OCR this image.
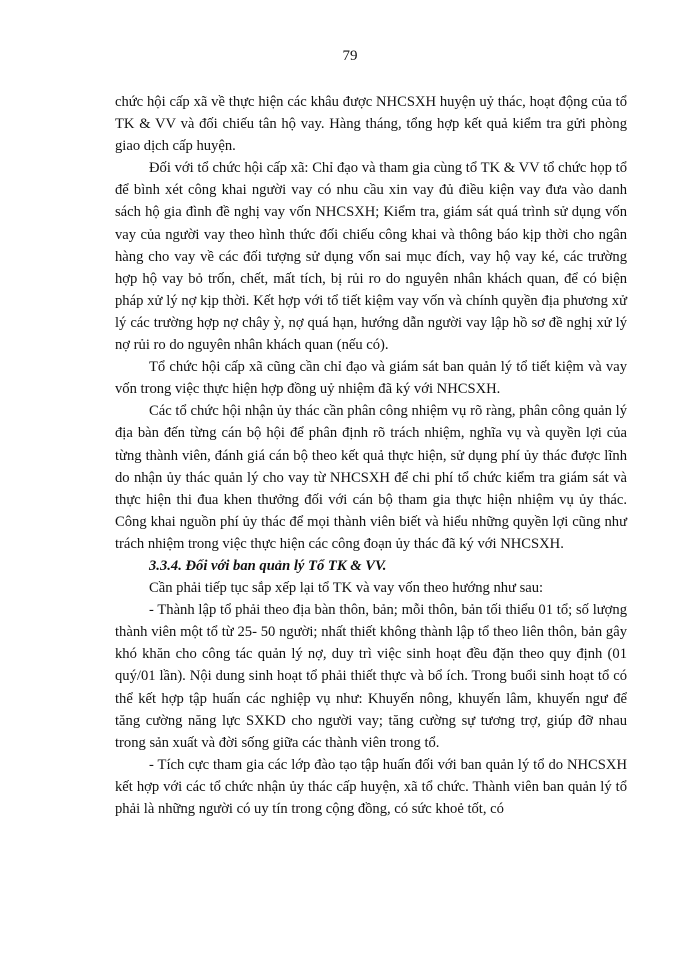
79

chức hội cấp xã về thực hiện các khâu được NHCSXH huyện uỷ thác, hoạt động của tổ TK & VV và đối chiếu tân hộ vay. Hàng tháng, tổng hợp kết quả kiểm tra gửi phòng giao dịch cấp huyện.

Đối với tổ chức hội cấp xã: Chỉ đạo và tham gia cùng tổ TK & VV tổ chức họp tổ để bình xét công khai người vay có nhu cầu xin vay đủ điều kiện vay đưa vào danh sách hộ gia đình đề nghị vay vốn NHCSXH; Kiểm tra, giám sát quá trình sử dụng vốn vay của người vay theo hình thức đối chiếu công khai và thông báo kịp thời cho ngân hàng cho vay về các đối tượng sử dụng vốn sai mục đích, vay hộ vay ké, các trường hợp hộ vay bỏ trốn, chết, mất tích, bị rủi ro do nguyên nhân khách quan, để có biện pháp xử lý nợ kịp thời. Kết hợp với tổ tiết kiệm vay vốn và chính quyền địa phương xử lý các trường hợp nợ chây ỳ, nợ quá hạn, hướng dẫn người vay lập hồ sơ đề nghị xử lý nợ rủi ro do nguyên nhân khách quan (nếu có).

Tổ chức hội cấp xã cũng cần chỉ đạo và giám sát ban quản lý tổ tiết kiệm và vay vốn trong việc thực hiện hợp đồng uỷ nhiệm đã ký với NHCSXH.

Các tổ chức hội nhận ủy thác cần phân công nhiệm vụ rõ ràng, phân công quản lý địa bàn đến từng cán bộ hội để phân định rõ trách nhiệm, nghĩa vụ và quyền lợi của từng thành viên, đánh giá cán bộ theo kết quả thực hiện, sử dụng phí ủy thác được lĩnh do nhận ủy thác quản lý cho vay từ NHCSXH để chi phí tổ chức kiểm tra giám sát và thực hiện thi đua khen thưởng đối với cán bộ tham gia thực hiện nhiệm vụ ủy thác. Công khai nguồn phí ủy thác để mọi thành viên biết và hiểu những quyền lợi cũng như trách nhiệm trong việc thực hiện các công đoạn ủy thác đã ký với NHCSXH.

3.3.4. Đối với ban quản lý Tổ TK & VV.

Cần phải tiếp tục sắp xếp lại tổ TK và vay vốn theo hướng như sau:

- Thành lập tổ phải theo địa bàn thôn, bản; mỗi thôn, bản tối thiểu 01 tổ; số lượng thành viên một tổ từ 25- 50 người; nhất thiết không thành lập tổ theo liên thôn, bản gây khó khăn cho công tác quản lý nợ, duy trì việc sinh hoạt đều đặn theo quy định (01 quý/01 lần). Nội dung sinh hoạt tổ phải thiết thực và bổ ích. Trong buổi sinh hoạt tổ có thể kết hợp tập huấn các nghiệp vụ như: Khuyến nông, khuyến lâm, khuyến ngư để tăng cường năng lực SXKD cho người vay; tăng cường sự tương trợ, giúp đỡ nhau trong sản xuất và đời sống giữa các thành viên trong tổ.

- Tích cực tham gia các lớp đào tạo tập huấn đối với ban quản lý tổ do NHCSXH kết hợp với các tổ chức nhận ủy thác cấp huyện, xã tổ chức. Thành viên ban quản lý tổ phải là những người có uy tín trong cộng đồng, có sức khoẻ tốt, có
